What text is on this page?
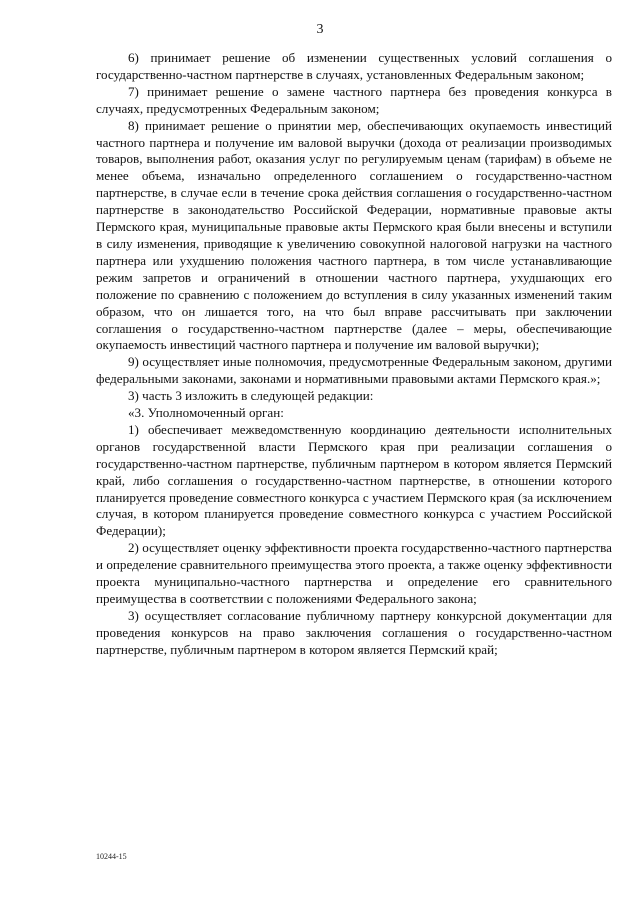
3

6) принимает решение об изменении существенных условий соглашения о государственно-частном партнерстве в случаях, установленных Федеральным законом;

7) принимает решение о замене частного партнера без проведения конкурса в случаях, предусмотренных Федеральным законом;

8) принимает решение о принятии мер, обеспечивающих окупаемость инвестиций частного партнера и получение им валовой выручки (дохода от реализации производимых товаров, выполнения работ, оказания услуг по регулируемым ценам (тарифам) в объеме не менее объема, изначально определенного соглашением о государственно-частном партнерстве, в случае если в течение срока действия соглашения о государственно-частном партнерстве в законодательство Российской Федерации, нормативные правовые акты Пермского края, муниципальные правовые акты Пермского края были внесены и вступили в силу изменения, приводящие к увеличению совокупной налоговой нагрузки на частного партнера или ухудшению положения частного партнера, в том числе устанавливающие режим запретов и ограничений в отношении частного партнера, ухудшающих его положение по сравнению с положением до вступления в силу указанных изменений таким образом, что он лишается того, на что был вправе рассчитывать при заключении соглашения о государственно-частном партнерстве (далее – меры, обеспечивающие окупаемость инвестиций частного партнера и получение им валовой выручки);

9) осуществляет иные полномочия, предусмотренные Федеральным законом, другими федеральными законами, законами и нормативными правовыми актами Пермского края.»;

3) часть 3 изложить в следующей редакции:

«3. Уполномоченный орган:

1) обеспечивает межведомственную координацию деятельности исполнительных органов государственной власти Пермского края при реализации соглашения о государственно-частном партнерстве, публичным партнером в котором является Пермский край, либо соглашения о государственно-частном партнерстве, в отношении которого планируется проведение совместного конкурса с участием Пермского края (за исключением случая, в котором планируется проведение совместного конкурса с участием Российской Федерации);

2) осуществляет оценку эффективности проекта государственно-частного партнерства и определение сравнительного преимущества этого проекта, а также оценку эффективности проекта муниципально-частного партнерства и определение его сравнительного преимущества в соответствии с положениями Федерального закона;

3) осуществляет согласование публичному партнеру конкурсной документации для проведения конкурсов на право заключения соглашения о государственно-частном партнерстве, публичным партнером в котором является Пермский край;

10244-15
